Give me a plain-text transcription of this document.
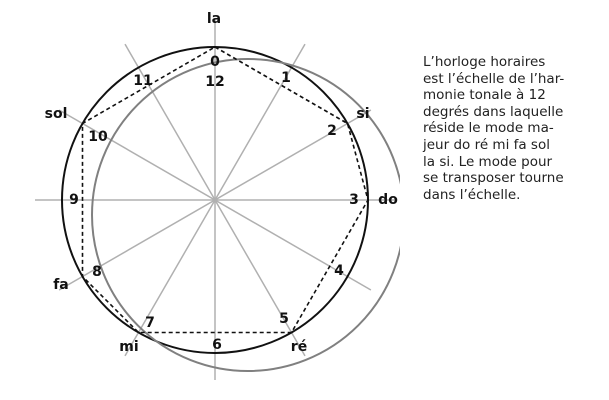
0
1
2
3
4
5
6
7
8
9
10
11	12
la
si
do
ré
mi
fa
sol
L’horloge horaires
est l’échelle de l’har-
monie tonale à 12
degrés dans laquelle
réside le mode ma-
jeur do ré mi fa sol
la si. Le mode pour
se transposer tourne
dans l’échelle.
